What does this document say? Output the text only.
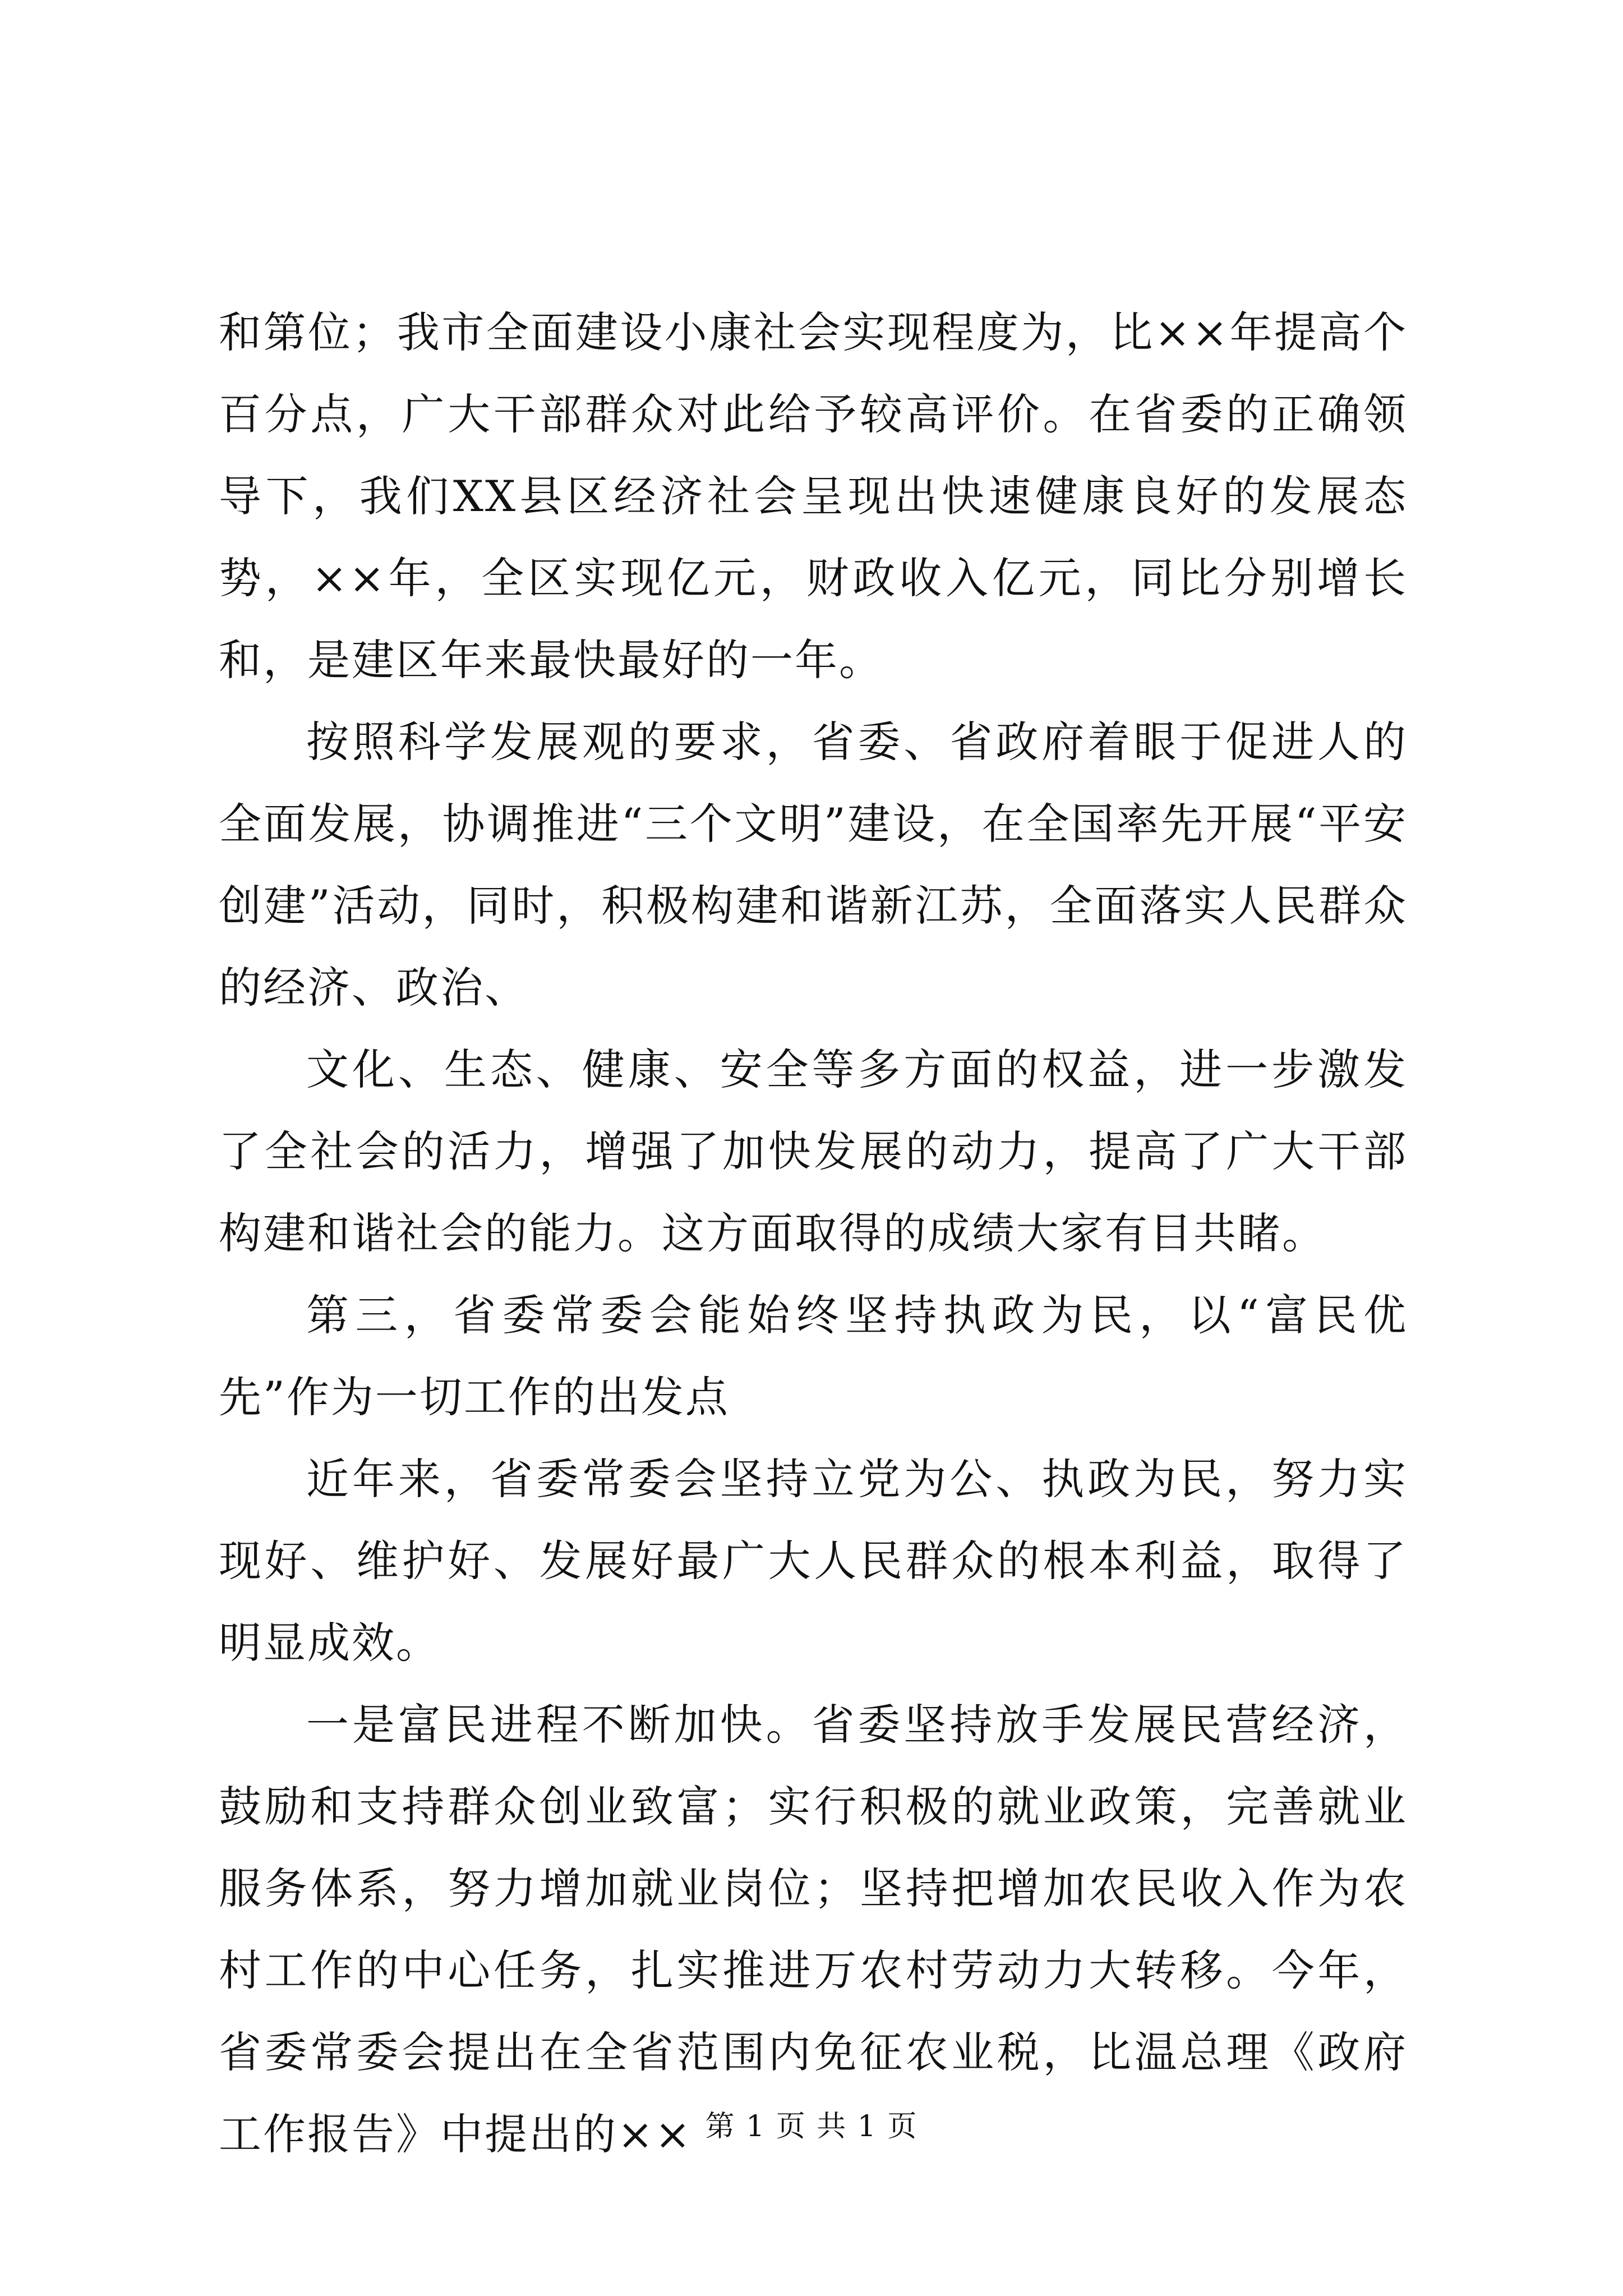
和第位；我市全面建设小康社会实现程度为，比××年提高个百分点，广大干部群众对此给予较高评价。在省委的正确领导下，我们XX县区经济社会呈现出快速健康良好的发展态势，××年，全区实现亿元，财政收入亿元，同比分别增长和，是建区年来最快最好的一年。

按照科学发展观的要求，省委、省政府着眼于促进人的全面发展，协调推进“三个文明”建设，在全国率先开展“平安创建”活动，同时，积极构建和谐新江苏，全面落实人民群众的经济、政治、

文化、生态、健康、安全等多方面的权益，进一步激发了全社会的活力，增强了加快发展的动力，提高了广大干部构建和谐社会的能力。这方面取得的成绩大家有目共睹。

第三，省委常委会能始终坚持执政为民，以“富民优先”作为一切工作的出发点

近年来，省委常委会坚持立党为公、执政为民，努力实现好、维护好、发展好最广大人民群众的根本利益，取得了明显成效。

一是富民进程不断加快。省委坚持放手发展民营经济，鼓励和支持群众创业致富；实行积极的就业政策，完善就业服务体系，努力增加就业岗位；坚持把增加农民收入作为农村工作的中心任务，扎实推进万农村劳动力大转移。今年，省委常委会提出在全省范围内免征农业税，比温总理《政府工作报告》中提出的×× 第 1 页 共 1 页
